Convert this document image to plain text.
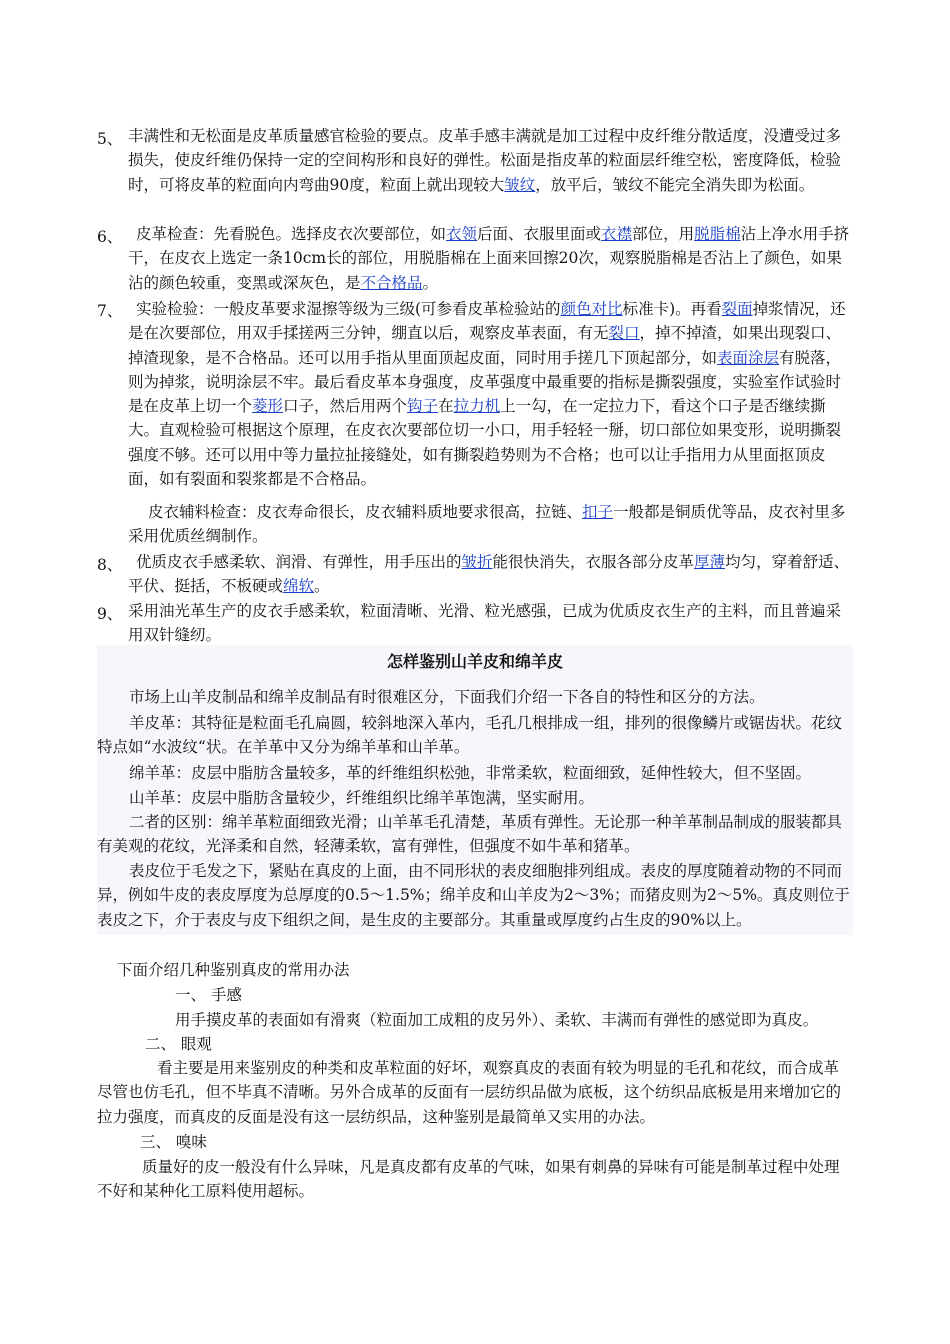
5、 丰满性和无松面是皮革质量感官检验的要点。皮革手感丰满就是加工过程中皮纤维分散适度，没遭受过多损失，使皮纤维仍保持一定的空间构形和良好的弹性。松面是指皮革的粒面层纤维空松，密度降低，检验时，可将皮革的粒面向内弯曲90度，粒面上就出现较大皱纹，放平后，皱纹不能完全消失即为松面。
6、 皮革检查：先看脱色。选择皮衣次要部位，如衣领后面、衣服里面或衣襟部位，用脱脂棉沾上净水用手挤干，在皮衣上选定一条10cm长的部位，用脱脂棉在上面来回擦20次，观察脱脂棉是否沾上了颜色，如果沾的颜色较重，变黑或深灰色，是不合格品。
7、 实验检验：一般皮革要求湿擦等级为三级(可参看皮革检验站的颜色对比标准卡)。再看裂面掉浆情况，还是在次要部位，用双手揉搓两三分钟，绷直以后，观察皮革表面，有无裂口，掉不掉渣，如果出现裂口、掉渣现象，是不合格品。还可以用手指从里面顶起皮面，同时用手搓几下顶起部分，如表面涂层有脱落，则为掉浆，说明涂层不牢。最后看皮革本身强度，皮革强度中最重要的指标是撕裂强度，实验室作试验时是在皮革上切一个菱形口子，然后用两个钩子在拉力机上一勾，在一定拉力下，看这个口子是否继续撕大。直观检验可根据这个原理，在皮衣次要部位切一小口，用手轻轻一掰，切口部位如果变形，说明撕裂强度不够。还可以用中等力量拉扯接缝处，如有撕裂趋势则为不合格；也可以让手指用力从里面抠顶皮面，如有裂面和裂浆都是不合格品。
皮衣辅料检查：皮衣寿命很长，皮衣辅料质地要求很高，拉链、扣子一般都是铜质优等品，皮衣衬里多采用优质丝绸制作。
8、 优质皮衣手感柔软、润滑、有弹性，用手压出的皱折能很快消失，衣服各部分皮革厚薄均匀，穿着舒适、平伏、挺括，不板硬或绵软。
9、 采用油光革生产的皮衣手感柔软，粒面清晰、光滑、粒光感强，已成为优质皮衣生产的主料，而且普遍采用双针缝纫。
怎样鉴别山羊皮和绵羊皮
市场上山羊皮制品和绵羊皮制品有时很难区分，下面我们介绍一下各自的特性和区分的方法。
羊皮革：其特征是粒面毛孔扁圆，较斜地深入革内，毛孔几根排成一组，排列的很像鳞片或锯齿状。花纹特点如“水波纹“状。在羊革中又分为绵羊革和山羊革。
绵羊革：皮层中脂肪含量较多，革的纤维组织松弛，非常柔软，粒面细致，延伸性较大，但不坚固。
山羊革：皮层中脂肪含量较少，纤维组织比绵羊革饱满，坚实耐用。
二者的区别：绵羊革粒面细致光滑；山羊革毛孔清楚，革质有弹性。无论那一种羊革制品制成的服装都具有美观的花纹，光泽柔和自然，轻薄柔软，富有弹性，但强度不如牛革和猪革。
表皮位于毛发之下，紧贴在真皮的上面，由不同形状的表皮细胞排列组成。表皮的厚度随着动物的不同而异，例如牛皮的表皮厚度为总厚度的0.5～1.5%；绵羊皮和山羊皮为2～3%；而猪皮则为2～5%。真皮则位于表皮之下，介于表皮与皮下组织之间，是生皮的主要部分。其重量或厚度约占生皮的90%以上。
下面介绍几种鉴别真皮的常用办法
一、 手感
用手摸皮革的表面如有滑爽（粒面加工成粗的皮另外）、柔软、丰满而有弹性的感觉即为真皮。
二、 眼观
看主要是用来鉴别皮的种类和皮革粒面的好坏，观察真皮的表面有较为明显的毛孔和花纹，而合成革尽管也仿毛孔，但不毕真不清晰。另外合成革的反面有一层纺织品做为底板，这个纺织品底板是用来增加它的拉力强度，而真皮的反面是没有这一层纺织品，这种鉴别是最简单又实用的办法。
三、 嗅味
质量好的皮一般没有什么异味，凡是真皮都有皮革的气味，如果有刺鼻的异味有可能是制革过程中处理不好和某种化工原料使用超标。
